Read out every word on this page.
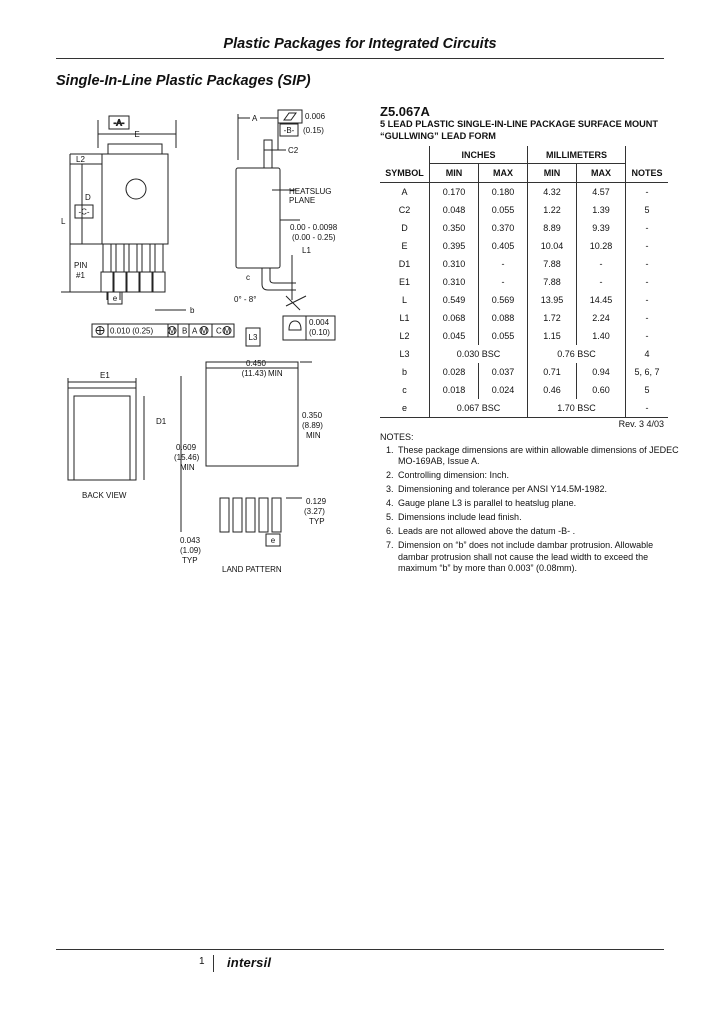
Plastic Packages for Integrated Circuits
Single-In-Line Plastic Packages (SIP)
-A-
E
L2
D
-C-
L
PIN
#1
e
b
0.010 (0.25) M B A M C M
A	0.006
-B- (0.15)
C2
HEATSLUG
PLANE
0.00 - 0.0098
(0.00 - 0.25)
L1
c
0° - 8°
L3
0.004
(0.10)
E1
D1
BACK VIEW
0.450
(11.43) MIN
0.350
(8.89)
MIN
0.609
(15.46)
MIN
0.129
(3.27)
TYP
e
0.043
(1.09)
TYP
LAND PATTERN
Z5.067A
5 LEAD PLASTIC SINGLE-IN-LINE PACKAGE SURFACE MOUNT
“GULLWING” LEAD FORM
	INCHES		MILLIMETERS		
SYMBOL	MIN	MAX	MIN	MAX	NOTES
A	0.170	0.180	4.32	4.57	-
C2	0.048	0.055	1.22	1.39	5
D	0.350	0.370	8.89	9.39	-
E	0.395	0.405	10.04	10.28	-
D1	0.310	-	7.88	-	-
E1	0.310	-	7.88	-	-
L	0.549	0.569	13.95	14.45	-
L1	0.068	0.088	1.72	2.24	-
L2	0.045	0.055	1.15	1.40	-
L3	0.030 BSC		0.76 BSC		4
b	0.028	0.037	0.71	0.94	5, 6, 7
c	0.018	0.024	0.46	0.60	5
e	0.067 BSC		1.70 BSC		-
Rev. 3 4/03
NOTES:
1. These package dimensions are within allowable dimensions of JEDEC MO-169AB, Issue A.
2. Controlling dimension: Inch.
3. Dimensioning and tolerance per ANSI Y14.5M-1982.
4. Gauge plane L3 is parallel to heatslug plane.
5. Dimensions include lead finish.
6. Leads are not allowed above the datum -B- .
7. Dimension on “b” does not include dambar protrusion. Allowable dambar protrusion shall not cause the lead width to exceed the maximum “b” by more than 0.003” (0.08mm).
1 intersil
